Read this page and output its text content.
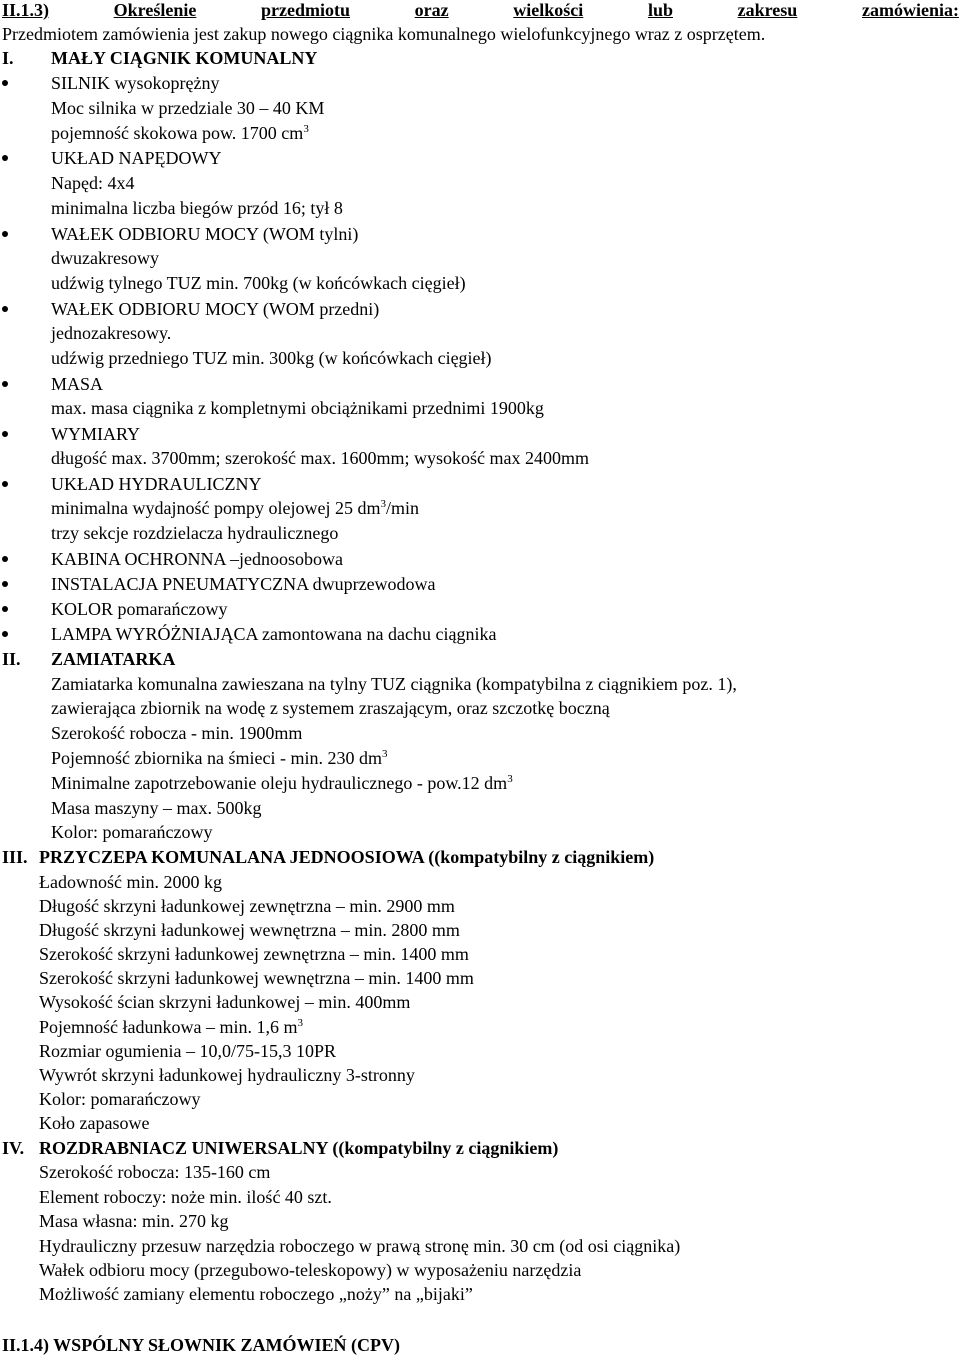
II.1.3)	Określenie	przedmiotu	oraz	wielkości	lub	zakresu	zamówienia:
Przedmiotem zamówienia jest zakup nowego ciągnika komunalnego wielofunkcyjnego wraz z osprzętem.
I. MAŁY CIĄGNIK KOMUNALNY
SILNIK wysokoprężny
Moc silnika w przedziale 30 – 40 KM
pojemność skokowa pow. 1700 $cm^3$
UKŁAD NAPĘDOWY
Napęd: 4x4
minimalna liczba biegów przód 16; tył 8
WAŁEK ODBIORU MOCY (WOM tylni)
dwuzakresowy
udźwig tylnego TUZ min. 700kg (w końcówkach cięgieł)
WAŁEK ODBIORU MOCY (WOM przedni)
jednozakresowy.
udźwig przedniego TUZ min. 300kg (w końcówkach cięgieł)
MASA
max. masa ciągnika z kompletnymi obciążnikami przednimi 1900kg
WYMIARY
długość max. 3700mm; szerokość max. 1600mm; wysokość max 2400mm
UKŁAD HYDRAULICZNY
minimalna wydajność pompy olejowej 25 $dm^3/\min$
trzy sekcje rozdzielacza hydraulicznego
KABINA OCHRONNA –jednoosobowa
INSTALACJA PNEUMATYCZNA dwuprzewodowa
KOLOR pomarańczowy
LAMPA WYRÓŻNIAJĄCA zamontowana na dachu ciągnika
II. ZAMIATARKA
Zamiatarka komunalna zawieszana na tylny TUZ ciągnika (kompatybilna z ciągnikiem poz. 1),
zawierająca zbiornik na wodę z systemem zraszającym, oraz szczotkę boczną
Szerokość robocza - min. 1900mm
Pojemność zbiornika na śmieci - min. 230 $dm^3$
Minimalne zapotrzebowanie oleju hydraulicznego - pow.12 $dm^3$
Masa maszyny – max. 500kg
Kolor: pomarańczowy
III. PRZYCZEPA KOMUNALANA JEDNOOSIOWA ((kompatybilny z ciągnikiem)
Ładowność min. 2000 kg
Długość skrzyni ładunkowej zewnętrzna – min. 2900 mm
Długość skrzyni ładunkowej wewnętrzna – min. 2800 mm
Szerokość skrzyni ładunkowej zewnętrzna – min. 1400 mm
Szerokość skrzyni ładunkowej wewnętrzna – min. 1400 mm
Wysokość ścian skrzyni ładunkowej – min. 400mm
Pojemność ładunkowa – min. 1,6 $m^3$
Rozmiar ogumienia – 10,0/75-15,3 10PR
Wywrót skrzyni ładunkowej hydrauliczny 3-stronny
Kolor: pomarańczowy
Koło zapasowe
IV. ROZDRABNIACZ UNIWERSALNY ((kompatybilny z ciągnikiem)
Szerokość robocza: 135-160 cm
Element roboczy: noże min. ilość 40 szt.
Masa własna: min. 270 kg
Hydrauliczny przesuw narzędzia roboczego w prawą stronę min. 30 cm (od osi ciągnika)
Wałek odbioru mocy (przegubowo-teleskopowy) w wyposażeniu narzędzia
Możliwość zamiany elementu roboczego „noży” na „bijaki”
II.1.4) WSPÓLNY SŁOWNIK ZAMÓWIEŃ (CPV)
